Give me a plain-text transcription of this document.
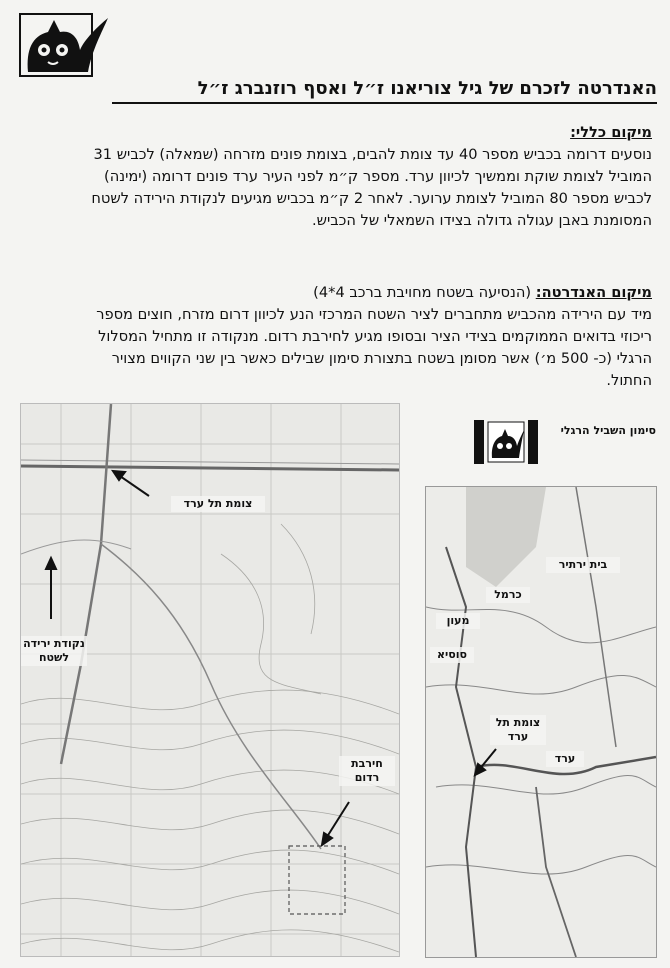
האנדרטה לזכרם של גיל צוריאנו ז״ל ואסף רוזנברג ז״ל
מיקום כללי:
נוסעים דרומה בכביש מספר 40 עד צומת להבים, בצומת פונים מזרחה (שמאלה) לכביש 31 המוביל לצומת שוקת וממשיך לכיוון ערד. מספר ק״מ לפני העיר ערד פונים דרומה (ימינה) לכביש מספר 80 המוביל לצומת ערוער. לאחר 2 ק״מ בכביש מגיעים לנקודת הירידה לשטח המסומנת באבן עגולה גדולה בצידו השמאלי של הכביש.
מיקום האנדרטה: (הנסיעה בשטח מחויבת ברכב 4*4)
מיד עם הירידה מהכביש מתחברים לציר השטח המרכזי הנע לכיוון דרום מזרח, חוצים מספר ריכוזי בדואים הממוקמים בצידי הציר ובסופו מגיע לחירבת רדום. מנקודה זו מתחיל המסלול הרגלי (כ- 500 מ׳) אשר מסומן בשטח בתצורת סימון שבילים כאשר בין שני הקווים מצויר החתול.
סימון השביל הרגלי
צומת תל ערד
נקודת ירידה לשטח
חירבת רדום
כרמל
מעון
סוסיא
בית ירתיר
צומת תל ערד
ערד
